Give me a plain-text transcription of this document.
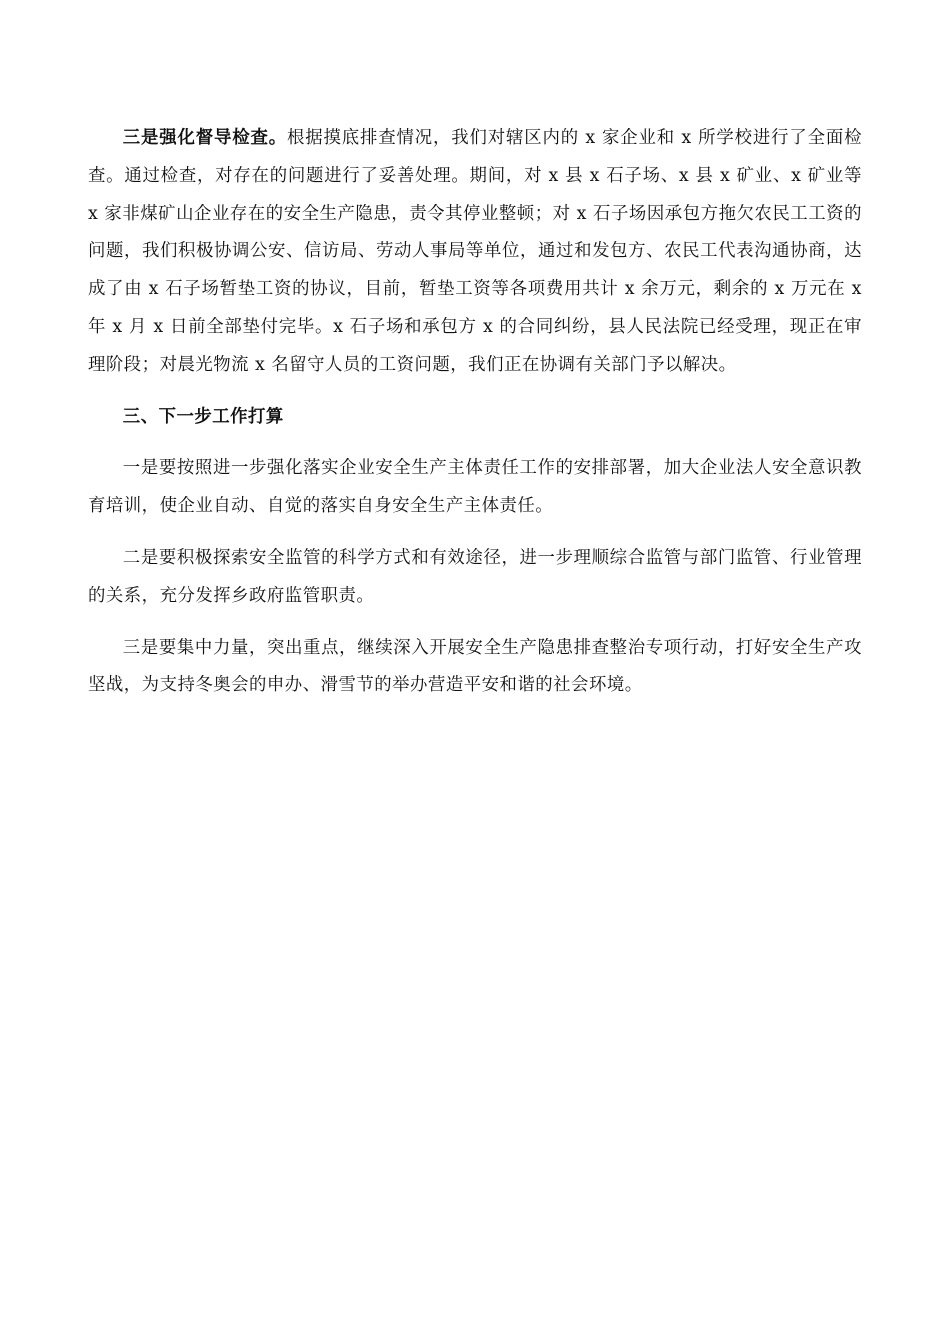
三是强化督导检查。根据摸底排查情况，我们对辖区内的 x 家企业和 x 所学校进行了全面检查。通过检查，对存在的问题进行了妥善处理。期间，对 x 县 x 石子场、x 县 x 矿业、x 矿业等 x 家非煤矿山企业存在的安全生产隐患，责令其停业整顿；对 x 石子场因承包方拖欠农民工工资的问题，我们积极协调公安、信访局、劳动人事局等单位，通过和发包方、农民工代表沟通协商，达成了由 x 石子场暂垫工资的协议，目前，暂垫工资等各项费用共计 x 余万元，剩余的 x 万元在 x 年 x 月 x 日前全部垫付完毕。x 石子场和承包方 x 的合同纠纷，县人民法院已经受理，现正在审理阶段；对晨光物流 x 名留守人员的工资问题，我们正在协调有关部门予以解决。

三、下一步工作打算

一是要按照进一步强化落实企业安全生产主体责任工作的安排部署，加大企业法人安全意识教育培训，使企业自动、自觉的落实自身安全生产主体责任。

二是要积极探索安全监管的科学方式和有效途径，进一步理顺综合监管与部门监管、行业管理的关系，充分发挥乡政府监管职责。

三是要集中力量，突出重点，继续深入开展安全生产隐患排查整治专项行动，打好安全生产攻坚战，为支持冬奥会的申办、滑雪节的举办营造平安和谐的社会环境。
